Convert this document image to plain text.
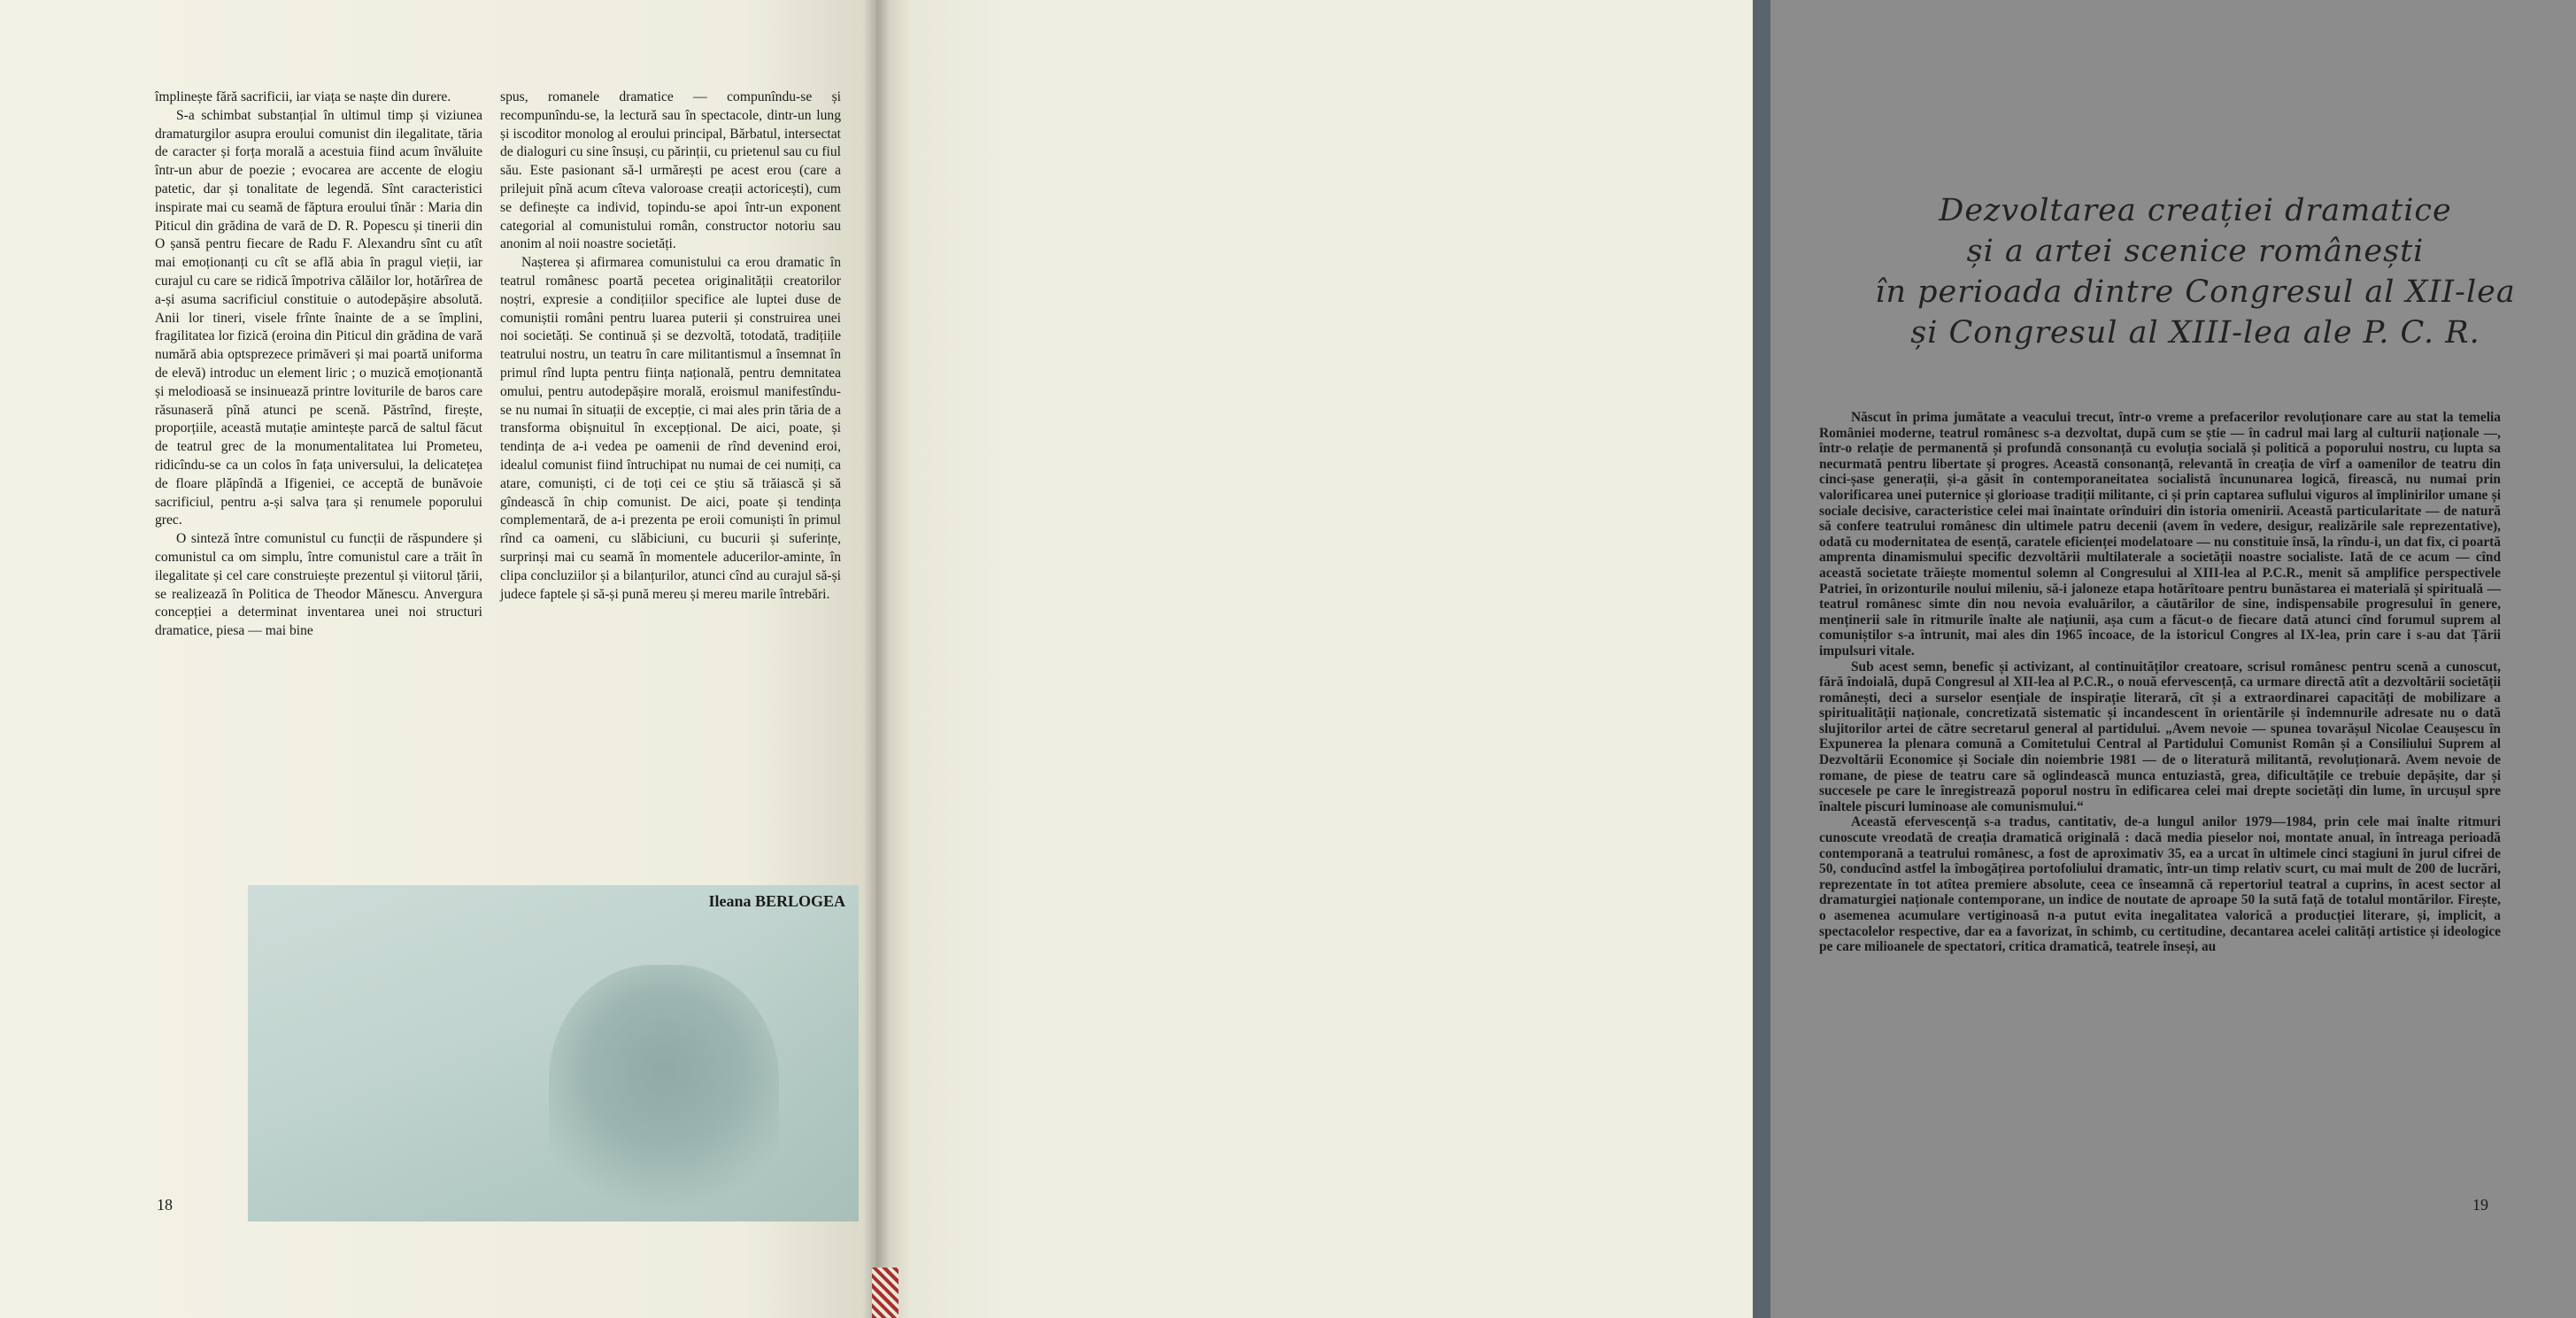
împlinește fără sacrificii, iar viața se naște din durere.

S-a schimbat substanțial în ultimul timp și viziunea dramaturgilor asupra eroului comunist din ilegalitate, tăria de caracter și forța morală a acestuia fiind acum învăluite într-un abur de poezie ; evocarea are accente de elogiu patetic, dar și tonalitate de legendă. Sînt caracteristici inspirate mai cu seamă de făptura eroului tînăr : Maria din Piticul din grădina de vară de D. R. Popescu și tinerii din O șansă pentru fiecare de Radu F. Alexandru sînt cu atît mai emoționanți cu cît se află abia în pragul vieții, iar curajul cu care se ridică împotriva călăilor lor, hotărîrea de a-și asuma sacrificiul constituie o autodepășire absolută. Anii lor tineri, visele frînte înainte de a se împlini, fragilitatea lor fizică (eroina din Piticul din grădina de vară numără abia optsprezece primăveri și mai poartă uniforma de elevă) introduc un element liric ; o muzică emoționantă și melodioasă se insinuează printre loviturile de baros care răsunaseră pînă atunci pe scenă. Păstrînd, firește, proporțiile, această mutație amintește parcă de saltul făcut de teatrul grec de la monumentalitatea lui Prometeu, ridicîndu-se ca un colos în fața universului, la delicatețea de floare plăpîndă a Ifigeniei, ce acceptă de bunăvoie sacrificiul, pentru a-și salva țara și renumele poporului grec.

O sinteză între comunistul cu funcții de răspundere și comunistul ca om simplu, între comunistul care a trăit în ilegalitate și cel care construiește prezentul și viitorul țării, se realizează în Politica de Theodor Mănescu. Anvergura concepției a determinat inventarea unei noi structuri dramatice, piesa — mai bine

spus, romanele dramatice — compunîndu-se și recompunîndu-se, la lectură sau în spectacole, dintr-un lung și iscoditor monolog al eroului principal, Bărbatul, intersectat de dialoguri cu sine însuși, cu părinții, cu prietenul sau cu fiul său. Este pasionant să-l urmărești pe acest erou (care a prilejuit pînă acum cîteva valoroase creații actoricești), cum se definește ca individ, topindu-se apoi într-un exponent categorial al comunistului român, constructor notoriu sau anonim al noii noastre societăți.

Nașterea și afirmarea comunistului ca erou dramatic în teatrul românesc poartă pecetea originalității creatorilor noștri, expresie a condițiilor specifice ale luptei duse de comuniștii români pentru luarea puterii și construirea unei noi societăți. Se continuă și se dezvoltă, totodată, tradițiile teatrului nostru, un teatru în care militantismul a însemnat în primul rînd lupta pentru ființa națională, pentru demnitatea omului, pentru autodepășire morală, eroismul manifestîndu-se nu numai în situații de excepție, ci mai ales prin tăria de a transforma obișnuitul în excepțional. De aici, poate, și tendința de a-i vedea pe oamenii de rînd devenind eroi, idealul comunist fiind întruchipat nu numai de cei numiți, ca atare, comuniști, ci de toți cei ce știu să trăiască și să gîndească în chip comunist. De aici, poate și tendința complementară, de a-i prezenta pe eroii comuniști în primul rînd ca oameni, cu slăbiciuni, cu bucurii și suferințe, surprinși mai cu seamă în momentele aducerilor-aminte, în clipa concluziilor și a bilanțurilor, atunci cînd au curajul să-și judece faptele și să-și pună mereu și mereu marile întrebări.

Ileana BERLOGEA
18
Dezvoltarea creației dramatice
și a artei scenice românești
în perioada dintre Congresul al XII-lea
și Congresul al XIII-lea ale P. C. R.

Născut în prima jumătate a veacului trecut, într-o vreme a prefacerilor revoluționare care au stat la temelia României moderne, teatrul românesc s-a dezvoltat, după cum se știe — în cadrul mai larg al culturii naționale —, într-o relație de permanentă și profundă consonanță cu evoluția socială și politică a poporului nostru, cu lupta sa necurmată pentru libertate și progres. Această consonanță, relevantă în creația de vîrf a oamenilor de teatru din cinci-șase generații, și-a găsit în contemporaneitatea socialistă încununarea logică, firească, nu numai prin valorificarea unei puternice și glorioase tradiții militante, ci și prin captarea suflului viguros al împlinirilor umane și sociale decisive, caracteristice celei mai înaintate orînduiri din istoria omenirii. Această particularitate — de natură să confere teatrului românesc din ultimele patru decenii (avem în vedere, desigur, realizările sale reprezentative), odată cu modernitatea de esență, caratele eficienței modelatoare — nu constituie însă, la rîndu-i, un dat fix, ci poartă amprenta dinamismului specific dezvoltării multilaterale a societății noastre socialiste. Iată de ce acum — cînd această societate trăiește momentul solemn al Congresului al XIII-lea al P.C.R., menit să amplifice perspectivele Patriei, în orizonturile noului mileniu, să-i jaloneze etapa hotărîtoare pentru bunăstarea ei materială și spirituală — teatrul românesc simte din nou nevoia evaluărilor, a căutărilor de sine, indispensabile progresului în genere, menținerii sale în ritmurile înalte ale națiunii, așa cum a făcut-o de fiecare dată atunci cînd forumul suprem al comuniștilor s-a întrunit, mai ales din 1965 încoace, de la istoricul Congres al IX-lea, prin care i s-au dat Țării impulsuri vitale.

Sub acest semn, benefic și activizant, al continuităților creatoare, scrisul românesc pentru scenă a cunoscut, fără îndoială, după Congresul al XII-lea al P.C.R., o nouă efervescență, ca urmare directă atît a dezvoltării societății românești, deci a surselor esențiale de inspirație literară, cît și a extraordinarei capacități de mobilizare a spiritualității naționale, concretizată sistematic și incandescent în orientările și îndemnurile adresate nu o dată slujitorilor artei de către secretarul general al partidului. „Avem nevoie — spunea tovarășul Nicolae Ceaușescu în Expunerea la plenara comună a Comitetului Central al Partidului Comunist Român și a Consiliului Suprem al Dezvoltării Economice și Sociale din noiembrie 1981 — de o literatură militantă, revoluționară. Avem nevoie de romane, de piese de teatru care să oglindească munca entuziastă, grea, dificultățile ce trebuie depășite, dar și succesele pe care le înregistrează poporul nostru în edificarea celei mai drepte societăți din lume, în urcușul spre înaltele piscuri luminoase ale comunismului.“

Această efervescență s-a tradus, cantitativ, de-a lungul anilor 1979—1984, prin cele mai înalte ritmuri cunoscute vreodată de creația dramatică originală : dacă media pieselor noi, montate anual, în întreaga perioadă contemporană a teatrului românesc, a fost de aproximativ 35, ea a urcat în ultimele cinci stagiuni în jurul cifrei de 50, conducînd astfel la îmbogățirea portofoliului dramatic, într-un timp relativ scurt, cu mai mult de 200 de lucrări, reprezentate în tot atîtea premiere absolute, ceea ce înseamnă că repertoriul teatral a cuprins, în acest sector al dramaturgiei naționale contemporane, un indice de noutate de aproape 50 la sută față de totalul montărilor. Firește, o asemenea acumulare vertiginoasă n-a putut evita inegalitatea valorică a producției literare, și, implicit, a spectacolelor respective, dar ea a favorizat, în schimb, cu certitudine, decantarea acelei calități artistice și ideologice pe care milioanele de spectatori, critica dramatică, teatrele înseși, au

19
